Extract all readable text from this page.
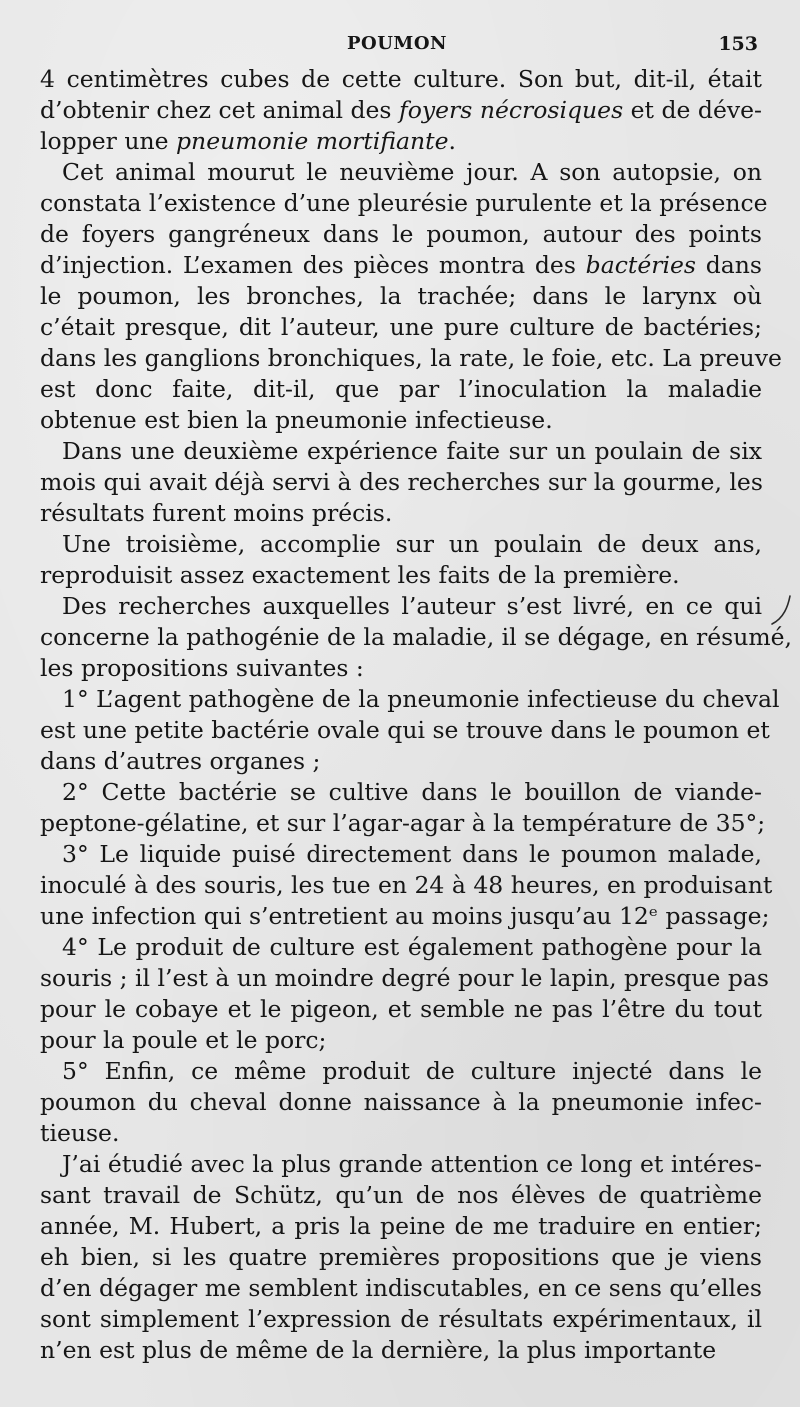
POUMON	153
4 centimètres cubes de cette culture. Son but, dit-il, était
d’obtenir chez cet animal des foyers nécrosiques et de déve-
lopper une pneumonie mortifiante.
Cet animal mourut le neuvième jour. A son autopsie, on
constata l’existence d’une pleurésie purulente et la présence
de foyers gangréneux dans le poumon, autour des points
d’injection. L’examen des pièces montra des bactéries dans
le poumon, les bronches, la trachée; dans le larynx où
c’était presque, dit l’auteur, une pure culture de bactéries;
dans les ganglions bronchiques, la rate, le foie, etc. La preuve
est donc faite, dit-il, que par l’inoculation la maladie
obtenue est bien la pneumonie infectieuse.
Dans une deuxième expérience faite sur un poulain de six
mois qui avait déjà servi à des recherches sur la gourme, les
résultats furent moins précis.
Une troisième, accomplie sur un poulain de deux ans,
reproduisit assez exactement les faits de la première.
Des recherches auxquelles l’auteur s’est livré, en ce qui
concerne la pathogénie de la maladie, il se dégage, en résumé,
les propositions suivantes :
1° L’agent pathogène de la pneumonie infectieuse du cheval
est une petite bactérie ovale qui se trouve dans le poumon et
dans d’autres organes ;
2° Cette bactérie se cultive dans le bouillon de viande-
peptone-gélatine, et sur l’agar-agar à la température de 35°;
3° Le liquide puisé directement dans le poumon malade,
inoculé à des souris, les tue en 24 à 48 heures, en produisant
une infection qui s’entretient au moins jusqu’au 12ᵉ passage;
4° Le produit de culture est également pathogène pour la
souris ; il l’est à un moindre degré pour le lapin, presque pas
pour le cobaye et le pigeon, et semble ne pas l’être du tout
pour la poule et le porc;
5° Enfin, ce même produit de culture injecté dans le
poumon du cheval donne naissance à la pneumonie infec-
tieuse.
J’ai étudié avec la plus grande attention ce long et intéres-
sant travail de Schütz, qu’un de nos élèves de quatrième
année, M. Hubert, a pris la peine de me traduire en entier;
eh bien, si les quatre premières propositions que je viens
d’en dégager me semblent indiscutables, en ce sens qu’elles
sont simplement l’expression de résultats expérimentaux, il
n’en est plus de même de la dernière, la plus importante
